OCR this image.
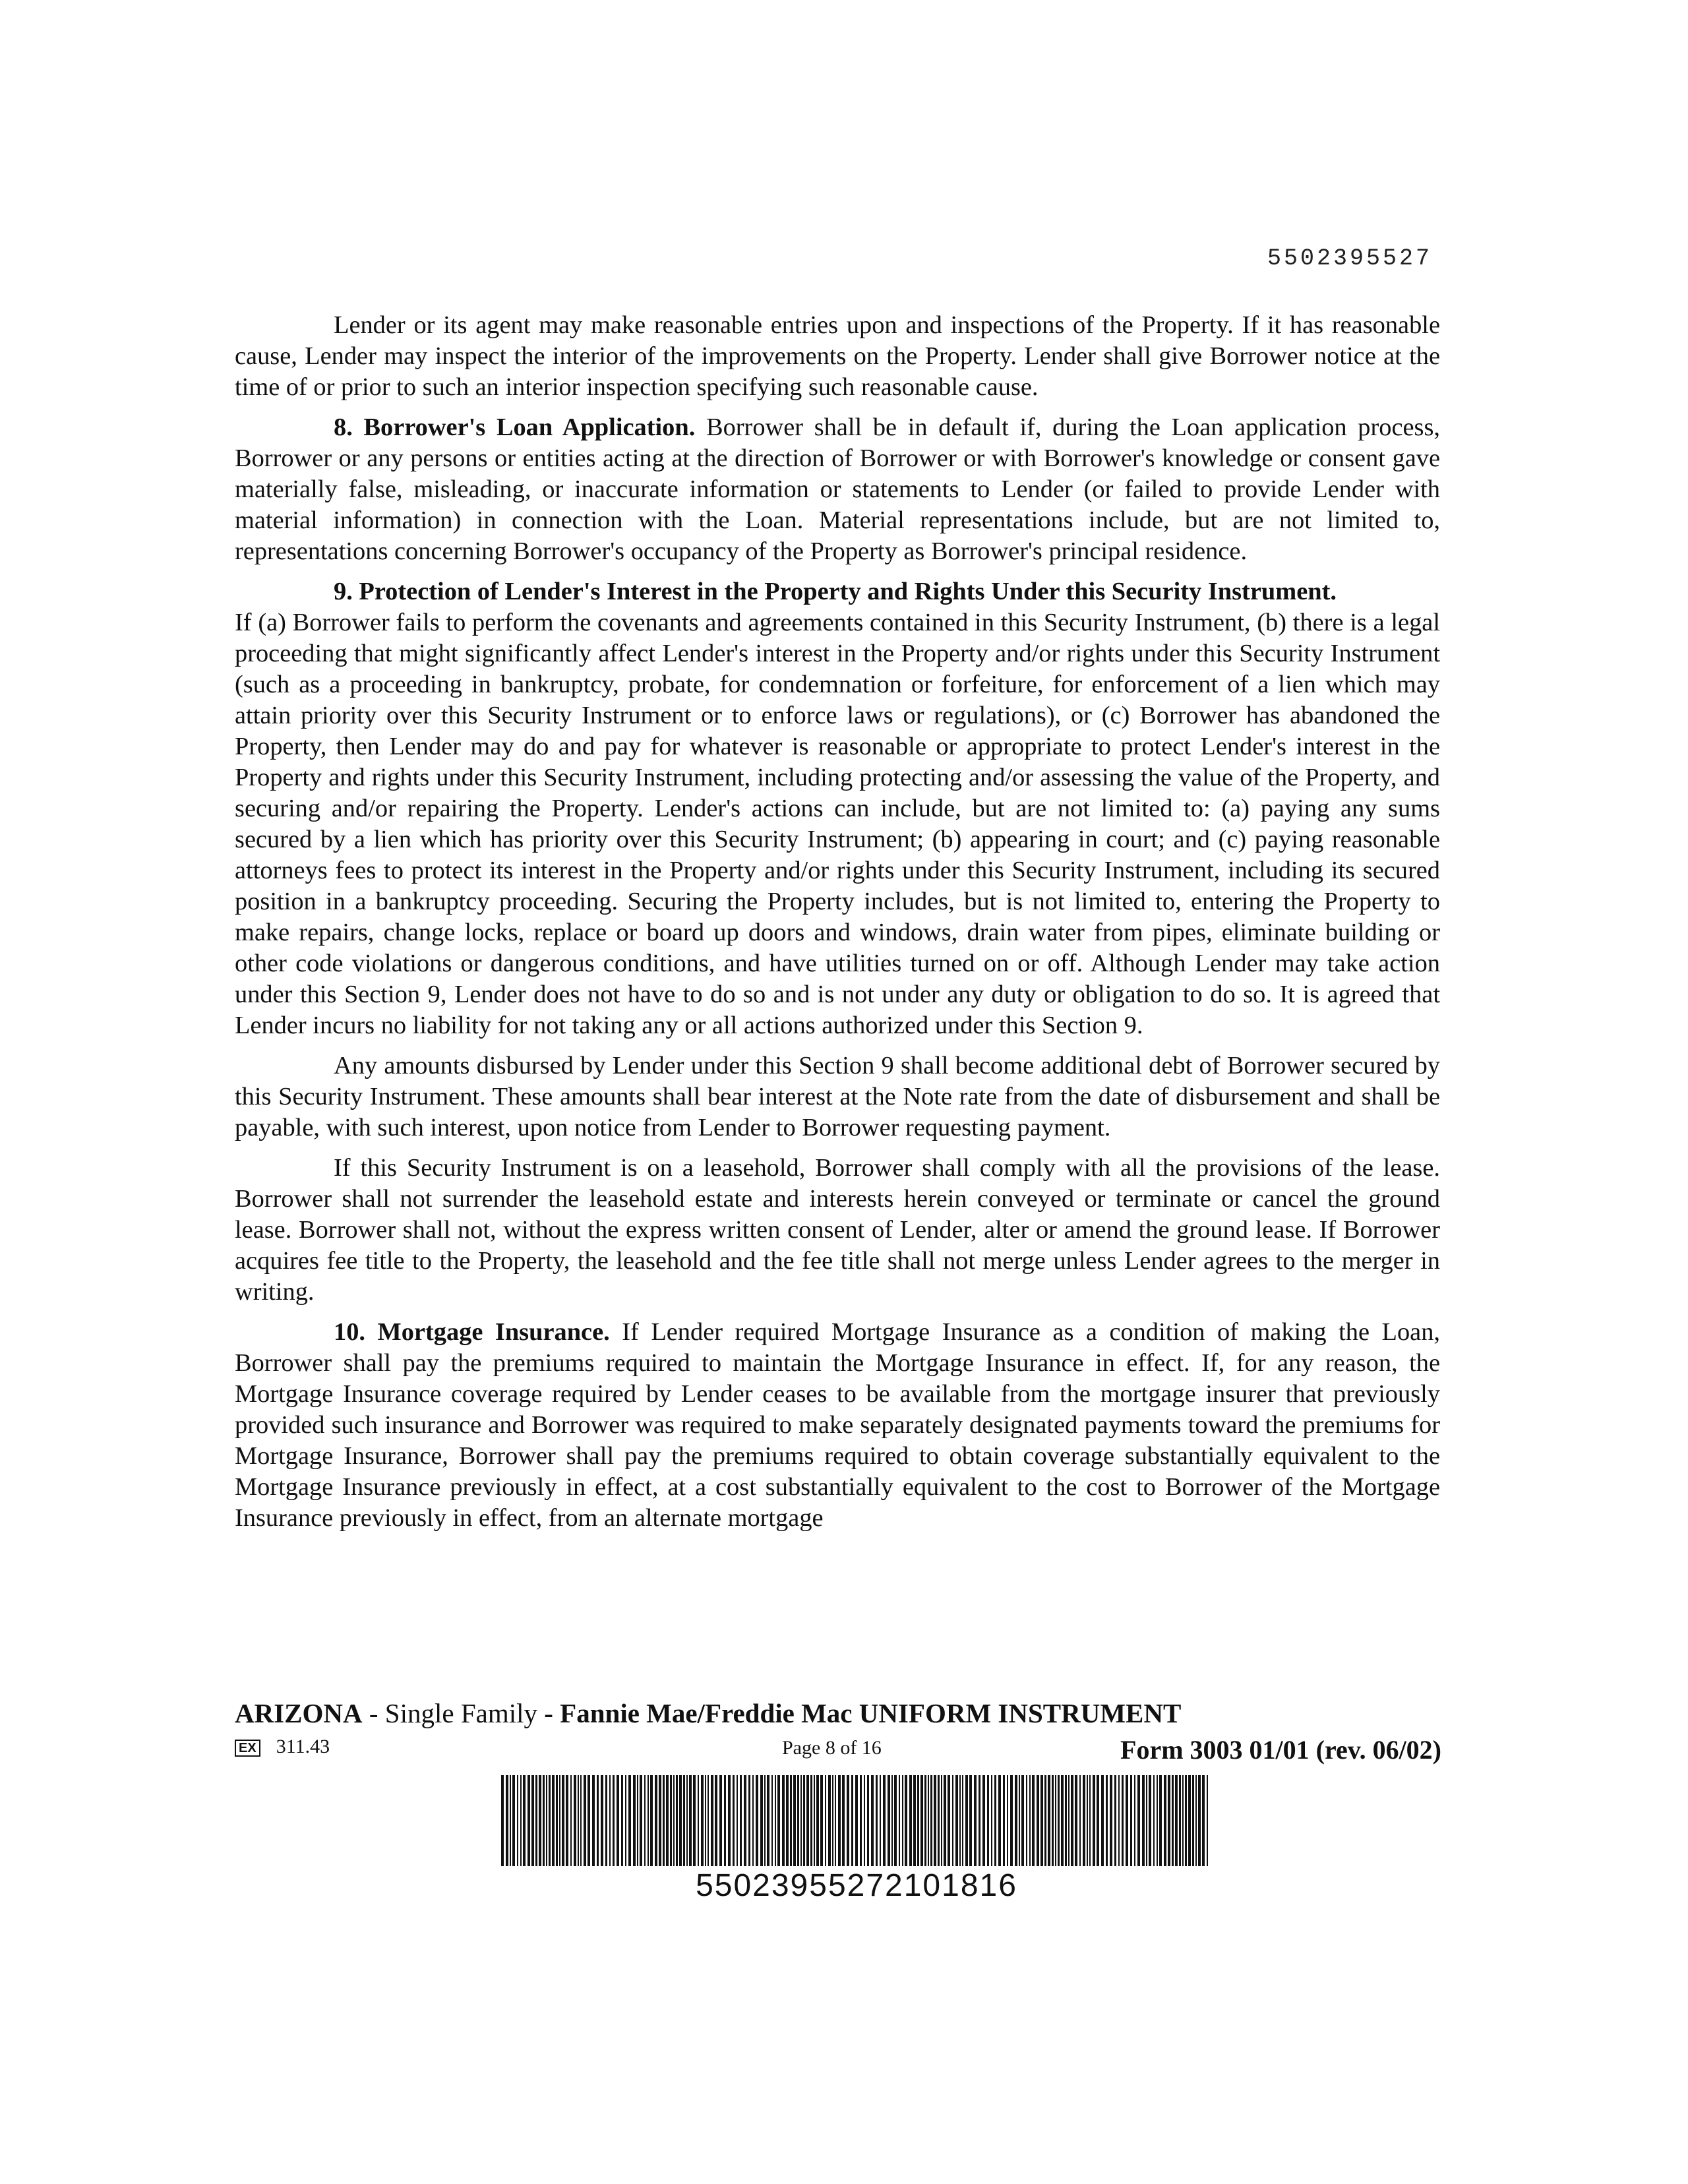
5502395527

Lender or its agent may make reasonable entries upon and inspections of the Property. If it has reasonable cause, Lender may inspect the interior of the improvements on the Property. Lender shall give Borrower notice at the time of or prior to such an interior inspection specifying such reasonable cause.

8. Borrower's Loan Application. Borrower shall be in default if, during the Loan application process, Borrower or any persons or entities acting at the direction of Borrower or with Borrower's knowledge or consent gave materially false, misleading, or inaccurate information or statements to Lender (or failed to provide Lender with material information) in connection with the Loan. Material representations include, but are not limited to, representations concerning Borrower's occupancy of the Property as Borrower's principal residence.

9. Protection of Lender's Interest in the Property and Rights Under this Security Instrument.

If (a) Borrower fails to perform the covenants and agreements contained in this Security Instrument, (b) there is a legal proceeding that might significantly affect Lender's interest in the Property and/or rights under this Security Instrument (such as a proceeding in bankruptcy, probate, for condemnation or forfeiture, for enforcement of a lien which may attain priority over this Security Instrument or to enforce laws or regulations), or (c) Borrower has abandoned the Property, then Lender may do and pay for whatever is reasonable or appropriate to protect Lender's interest in the Property and rights under this Security Instrument, including protecting and/or assessing the value of the Property, and securing and/or repairing the Property. Lender's actions can include, but are not limited to: (a) paying any sums secured by a lien which has priority over this Security Instrument; (b) appearing in court; and (c) paying reasonable attorneys fees to protect its interest in the Property and/or rights under this Security Instrument, including its secured position in a bankruptcy proceeding. Securing the Property includes, but is not limited to, entering the Property to make repairs, change locks, replace or board up doors and windows, drain water from pipes, eliminate building or other code violations or dangerous conditions, and have utilities turned on or off. Although Lender may take action under this Section 9, Lender does not have to do so and is not under any duty or obligation to do so. It is agreed that Lender incurs no liability for not taking any or all actions authorized under this Section 9.

Any amounts disbursed by Lender under this Section 9 shall become additional debt of Borrower secured by this Security Instrument. These amounts shall bear interest at the Note rate from the date of disbursement and shall be payable, with such interest, upon notice from Lender to Borrower requesting payment.

If this Security Instrument is on a leasehold, Borrower shall comply with all the provisions of the lease. Borrower shall not surrender the leasehold estate and interests herein conveyed or terminate or cancel the ground lease. Borrower shall not, without the express written consent of Lender, alter or amend the ground lease. If Borrower acquires fee title to the Property, the leasehold and the fee title shall not merge unless Lender agrees to the merger in writing.

10. Mortgage Insurance. If Lender required Mortgage Insurance as a condition of making the Loan, Borrower shall pay the premiums required to maintain the Mortgage Insurance in effect. If, for any reason, the Mortgage Insurance coverage required by Lender ceases to be available from the mortgage insurer that previously provided such insurance and Borrower was required to make separately designated payments toward the premiums for Mortgage Insurance, Borrower shall pay the premiums required to obtain coverage substantially equivalent to the Mortgage Insurance previously in effect, at a cost substantially equivalent to the cost to Borrower of the Mortgage Insurance previously in effect, from an alternate mortgage

ARIZONA - Single Family - Fannie Mae/Freddie Mac UNIFORM INSTRUMENT
EX 311.43	Page 8 of 16	Form 3003 01/01 (rev. 06/02)
55023955272101816
